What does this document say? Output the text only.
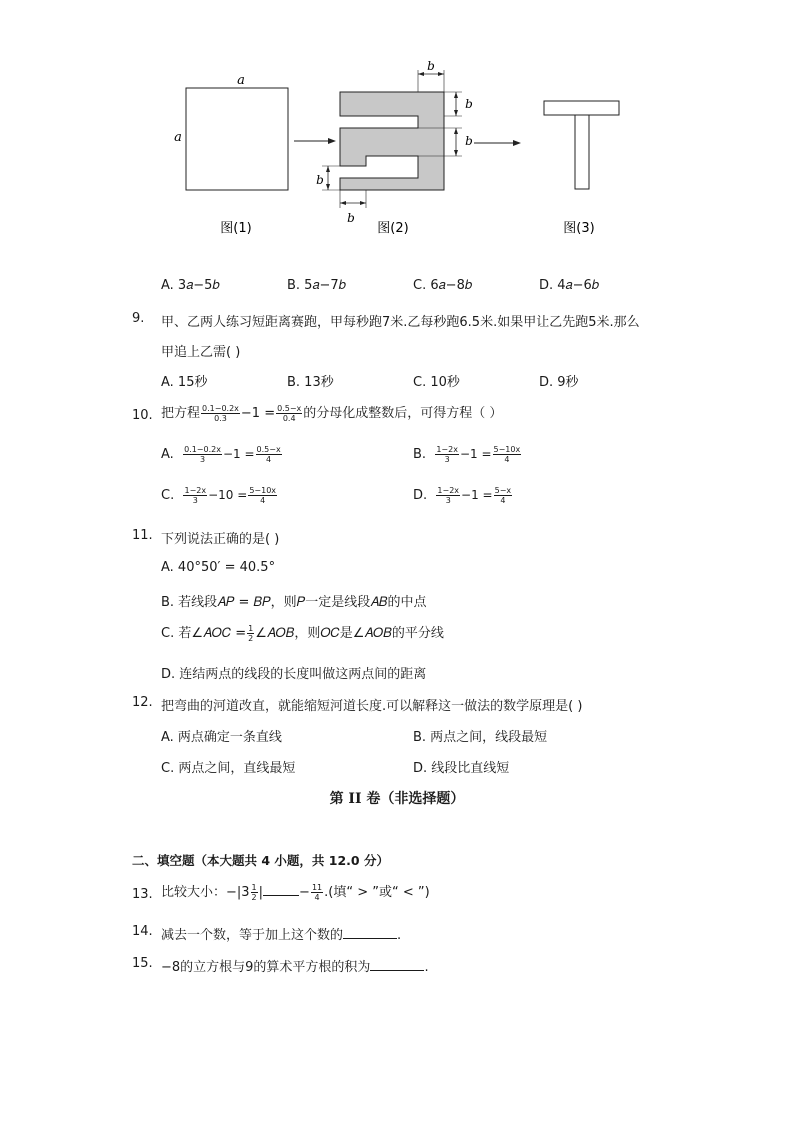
a
a
b
b
b
b
b
图(1)	图(2)	图(3)
A. 3𝑎−5𝑏	B. 5𝑎−7𝑏	C. 6𝑎−8𝑏	D. 4𝑎−6𝑏
9. 甲、乙两人练习短距离赛跑，甲每秒跑7米.乙每秒跑6.5米.如果甲让乙先跑5米.那么
甲追上乙需( )
A. 15秒	B. 13秒	C. 10秒	D. 9秒
10. 把方程 $\frac{0.1-0.2x}{0.3} -1 = \frac{0.5-x}{0.4}$ 的分母化成整数后，可得方程（ ）
A. $\frac{0.1-0.2x}{3} -1 = \frac{0.5-x}{4}$	B. $\frac{1-2x}{3} -1 = \frac{5-10x}{4}$
C. $\frac{1-2x}{3} -10 = \frac{5-10x}{4}$	D. $\frac{1-2x}{3} -1 = \frac{5-x}{4}$
11. 下列说法正确的是( )
A. 40°50′ = 40.5°
B. 若线段𝐴𝑃 = 𝐵𝑃，则𝑃一定是线段𝐴𝐵的中点
C. 若∠𝐴𝑂𝐶 = $\frac{1}{2}$ ∠𝐴𝑂𝐵，则𝑂𝐶是∠𝐴𝑂𝐵的平分线
D. 连结两点的线段的长度叫做这两点间的距离
12. 把弯曲的河道改直，就能缩短河道长度.可以解释这一做法的数学原理是( )
A. 两点确定一条直线	B. 两点之间，线段最短
C. 两点之间，直线最短	D. 线段比直线短
第 II 卷（非选择题）
二、填空题（本大题共 4 小题，共 12.0 分）
13. 比较大小：$-|3 \frac{1}{2}$ |	− $\frac{11}{4}$ .(填“ > ”或“ < ”)
14. 减去一个数，等于加上这个数的	.
15. −8的立方根与9的算术平方根的积为	.
